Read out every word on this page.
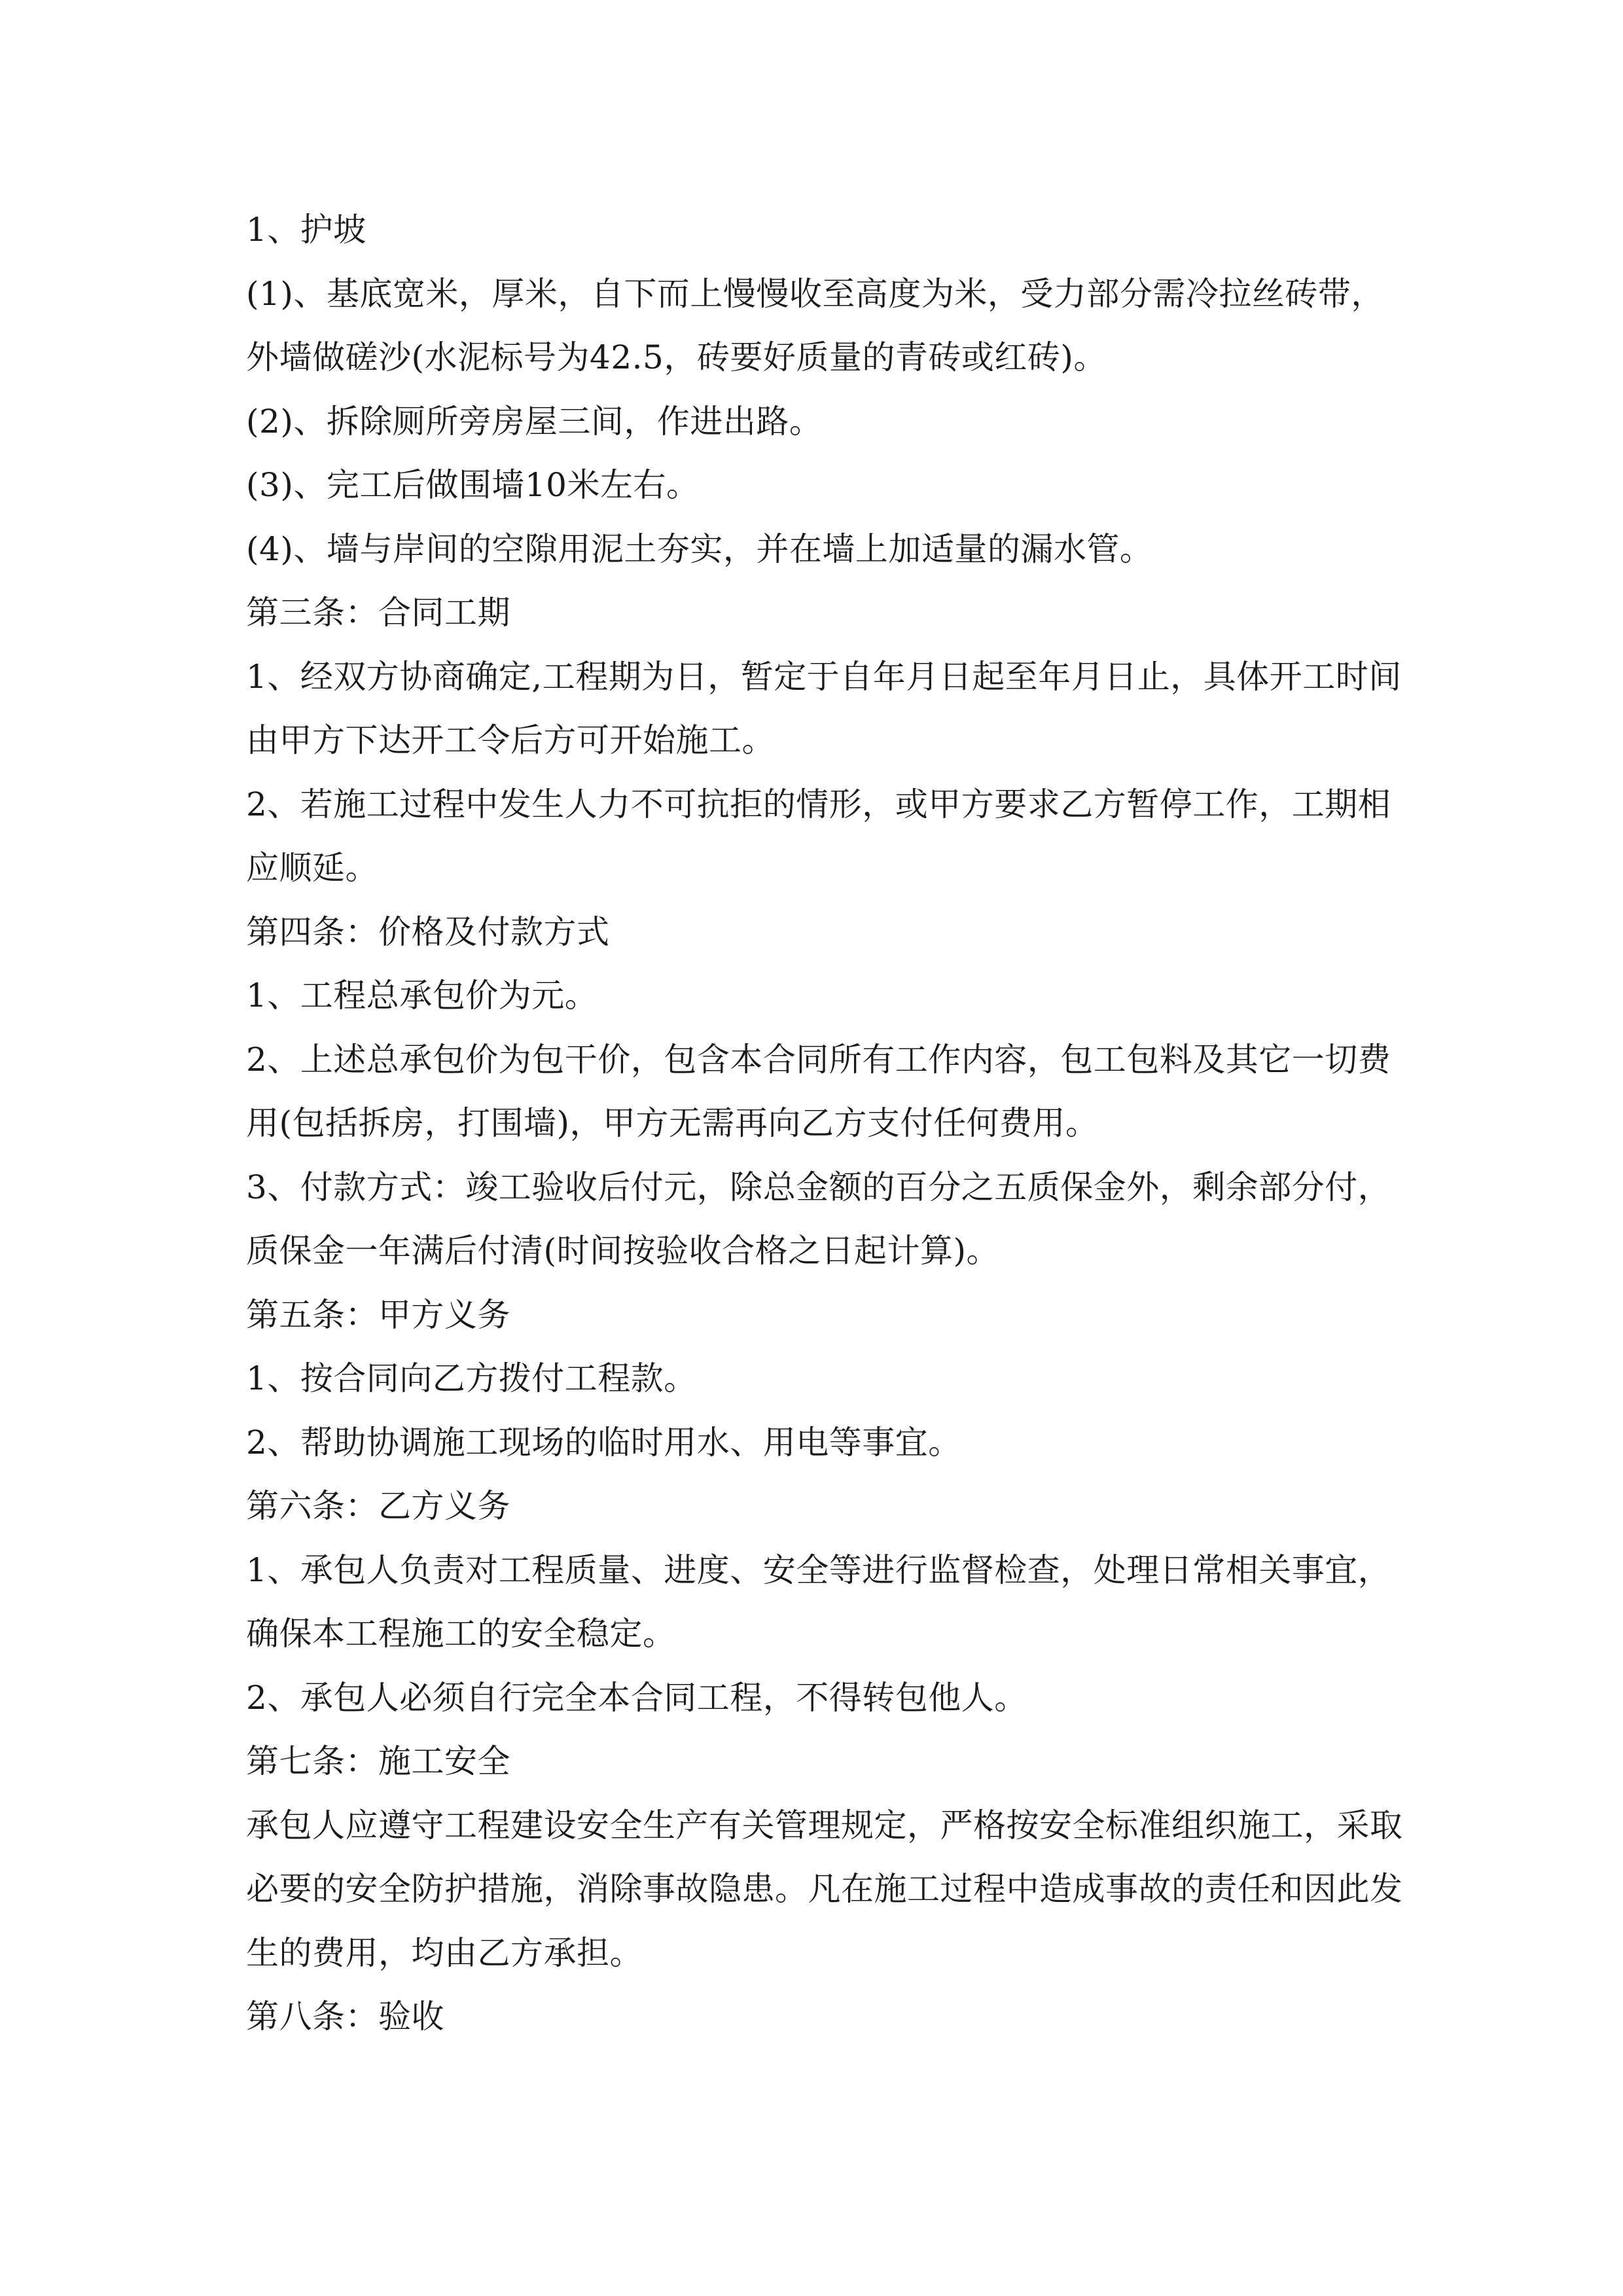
1、护坡
(1)、基底宽米，厚米，自下而上慢慢收至高度为米，受力部分需冷拉丝砖带，
外墙做磋沙(水泥标号为42.5，砖要好质量的青砖或红砖)。
(2)、拆除厕所旁房屋三间，作进出路。
(3)、完工后做围墙10米左右。
(4)、墙与岸间的空隙用泥土夯实，并在墙上加适量的漏水管。
第三条：合同工期
1、经双方协商确定,工程期为日，暂定于自年月日起至年月日止，具体开工时间
由甲方下达开工令后方可开始施工。
2、若施工过程中发生人力不可抗拒的情形，或甲方要求乙方暂停工作，工期相
应顺延。
第四条：价格及付款方式
1、工程总承包价为元。
2、上述总承包价为包干价，包含本合同所有工作内容，包工包料及其它一切费
用(包括拆房，打围墙)，甲方无需再向乙方支付任何费用。
3、付款方式：竣工验收后付元，除总金额的百分之五质保金外，剩余部分付，
质保金一年满后付清(时间按验收合格之日起计算)。
第五条：甲方义务
1、按合同向乙方拨付工程款。
2、帮助协调施工现场的临时用水、用电等事宜。
第六条：乙方义务
1、承包人负责对工程质量、进度、安全等进行监督检查，处理日常相关事宜，
确保本工程施工的安全稳定。
2、承包人必须自行完全本合同工程，不得转包他人。
第七条：施工安全
承包人应遵守工程建设安全生产有关管理规定，严格按安全标准组织施工，采取
必要的安全防护措施，消除事故隐患。凡在施工过程中造成事故的责任和因此发
生的费用，均由乙方承担。
第八条：验收
